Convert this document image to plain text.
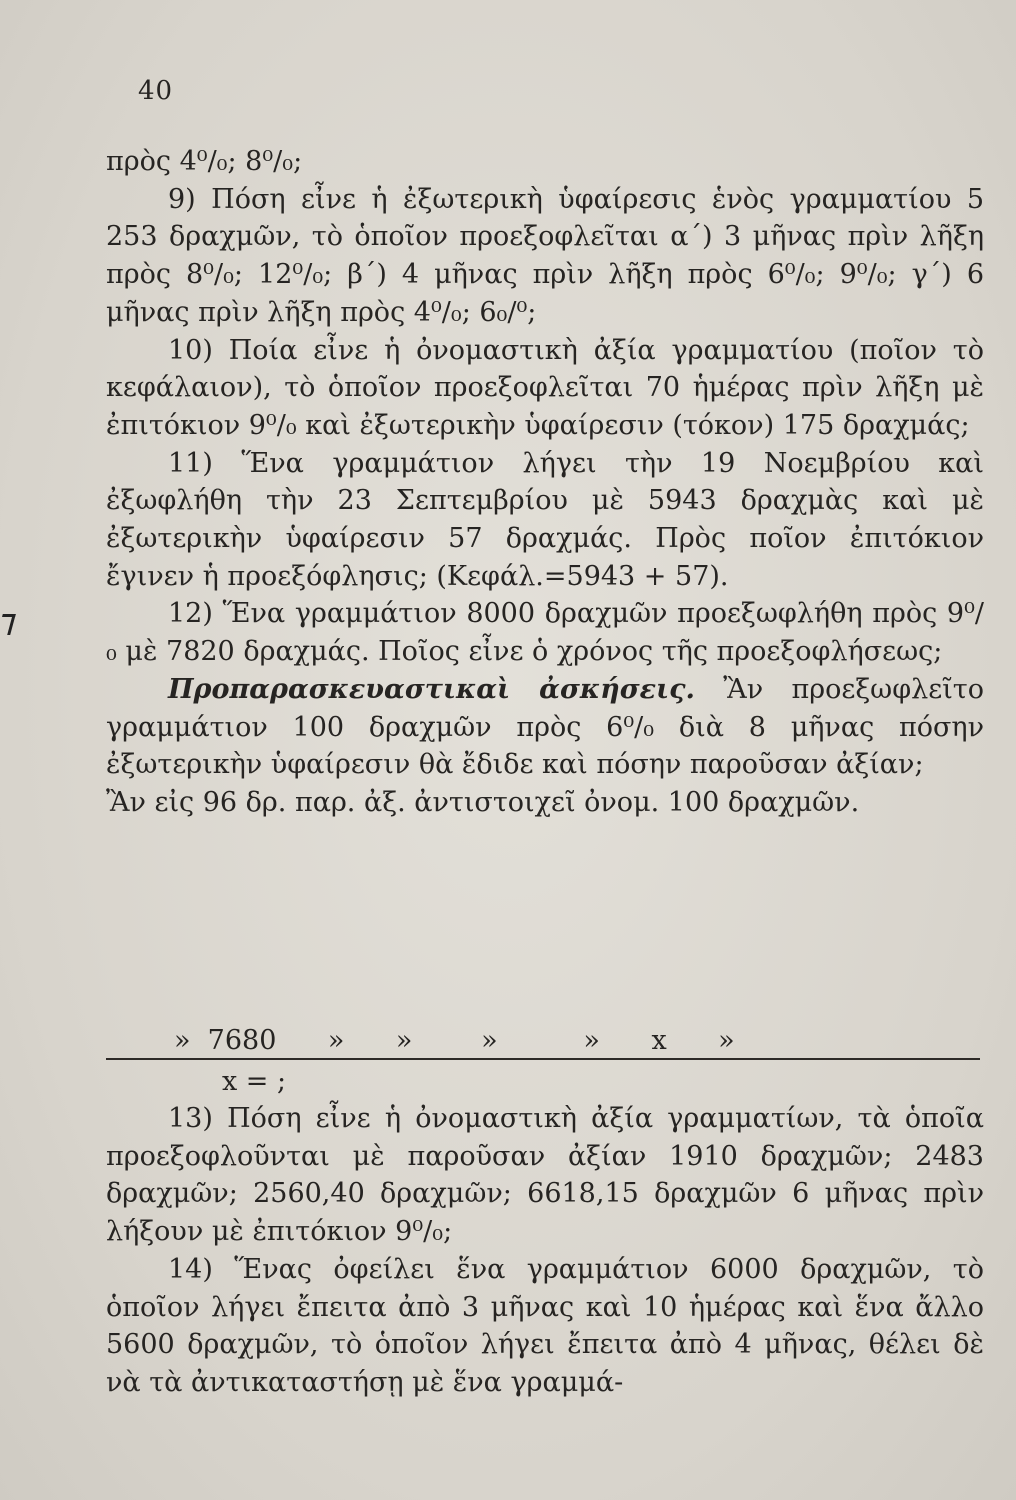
40

πρὸς 4⁰/₀; 8⁰/₀;

9) Πόση εἶνε ἡ ἐξωτερικὴ ὑφαίρεσις ἑνὸς γραμματίου 5 253 δραχμῶν, τὸ ὁποῖον προεξοφλεῖται α΄) 3 μῆνας πρὶν λῆξη πρὸς 8⁰/₀; 12⁰/₀; β΄) 4 μῆνας πρὶν λῆξη πρὸς 6⁰/₀; 9⁰/₀; γ΄) 6 μῆνας πρὶν λῆξη πρὸς 4⁰/₀; 6₀/⁰;

10) Ποία εἶνε ἡ ὀνομαστικὴ ἀξία γραμματίου (ποῖον τὸ κεφάλαιον), τὸ ὁποῖον προεξοφλεῖται 70 ἡμέρας πρὶν λῆξη μὲ ἐπιτόκιον 9⁰/₀ καὶ ἐξωτερικὴν ὑφαίρεσιν (τόκον) 175 δραχμάς;

11) Ἕνα γραμμάτιον λήγει τὴν 19 Νοεμβρίου καὶ ἐξωφλήθη τὴν 23 Σεπτεμβρίου μὲ 5943 δραχμὰς καὶ μὲ ἐξωτερικὴν ὑφαίρεσιν 57 δραχμάς. Πρὸς ποῖον ἐπιτόκιον ἔγινεν ἡ προεξόφλησις; (Κεφάλ.=5943 + 57).

12) Ἕνα γραμμάτιον 8000 δραχμῶν προεξωφλήθη πρὸς 9⁰/₀ μὲ 7820 δραχμάς. Ποῖος εἶνε ὁ χρόνος τῆς προεξοφλήσεως;

Προπαρασκευαστικαὶ ἀσκήσεις. Ἂν προεξωφλεῖτο γραμμάτιον 100 δραχμῶν πρὸς 6⁰/₀ διὰ 8 μῆνας πόσην ἐξωτερικὴν ὑφαίρεσιν θὰ ἔδιδε καὶ πόσην παροῦσαν ἀξίαν;

Ἂν εἰς 96 δρ. παρ. ἀξ. ἀντιστοιχεῖ ὀνομ. 100 δραχμῶν.

»  7680      »      »        »          »      x      »
x = ;

13) Πόση εἶνε ἡ ὀνομαστικὴ ἀξία γραμματίων, τὰ ὁποῖα προεξοφλοῦνται μὲ παροῦσαν ἀξίαν 1910 δραχμῶν; 2483 δραχμῶν; 2560,40 δραχμῶν; 6618,15 δραχμῶν 6 μῆνας πρὶν λήξουν μὲ ἐπιτόκιον 9⁰/₀;

14) Ἕνας ὀφείλει ἕνα γραμμάτιον 6000 δραχμῶν, τὸ ὁποῖον λήγει ἔπειτα ἀπὸ 3 μῆνας καὶ 10 ἡμέρας καὶ ἕνα ἄλλο 5600 δραχμῶν, τὸ ὁποῖον λήγει ἔπειτα ἀπὸ 4 μῆνας, θέλει δὲ νὰ τὰ ἀντικαταστήσῃ μὲ ἕνα γραμμά-
